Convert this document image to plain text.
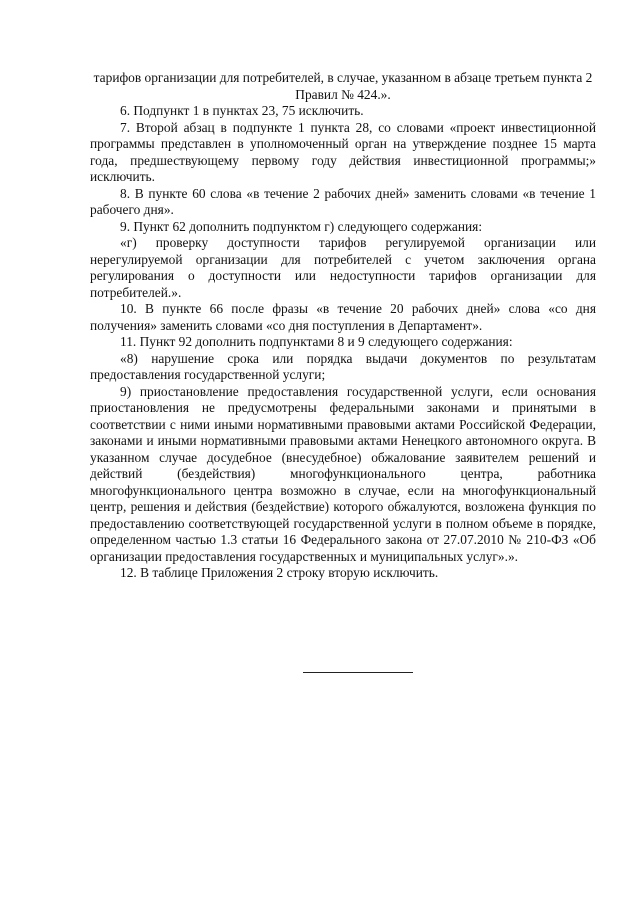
тарифов организации для потребителей, в случае, указанном в абзаце третьем пункта 2 Правил № 424.».

6. Подпункт 1 в пунктах 23, 75 исключить.

7. Второй абзац в подпункте 1 пункта 28, со словами «проект инвестиционной программы представлен в уполномоченный орган на утверждение позднее 15 марта года, предшествующему первому году действия инвестиционной программы;» исключить.

8. В пункте 60 слова «в течение 2 рабочих дней» заменить словами «в течение 1 рабочего дня».

9. Пункт 62 дополнить подпунктом г) следующего содержания:

«г) проверку доступности тарифов регулируемой организации или нерегулируемой организации для потребителей с учетом заключения органа регулирования о доступности или недоступности тарифов организации для потребителей.».

10. В пункте 66 после фразы «в течение 20 рабочих дней» слова «со дня получения» заменить словами «со дня поступления в Департамент».

11. Пункт 92 дополнить подпунктами 8 и 9 следующего содержания:

«8) нарушение срока или порядка выдачи документов по результатам предоставления государственной услуги;

9) приостановление предоставления государственной услуги, если основания приостановления не предусмотрены федеральными законами и принятыми в соответствии с ними иными нормативными правовыми актами Российской Федерации, законами и иными нормативными правовыми актами Ненецкого автономного округа. В указанном случае досудебное (внесудебное) обжалование заявителем решений и действий (бездействия) многофункционального центра, работника многофункционального центра возможно в случае, если на многофункциональный центр, решения и действия (бездействие) которого обжалуются, возложена функция по предоставлению соответствующей государственной услуги в полном объеме в порядке, определенном частью 1.3 статьи 16 Федерального закона от 27.07.2010 № 210-ФЗ «Об организации предоставления государственных и муниципальных услуг».».

12. В таблице Приложения 2 строку вторую исключить.
